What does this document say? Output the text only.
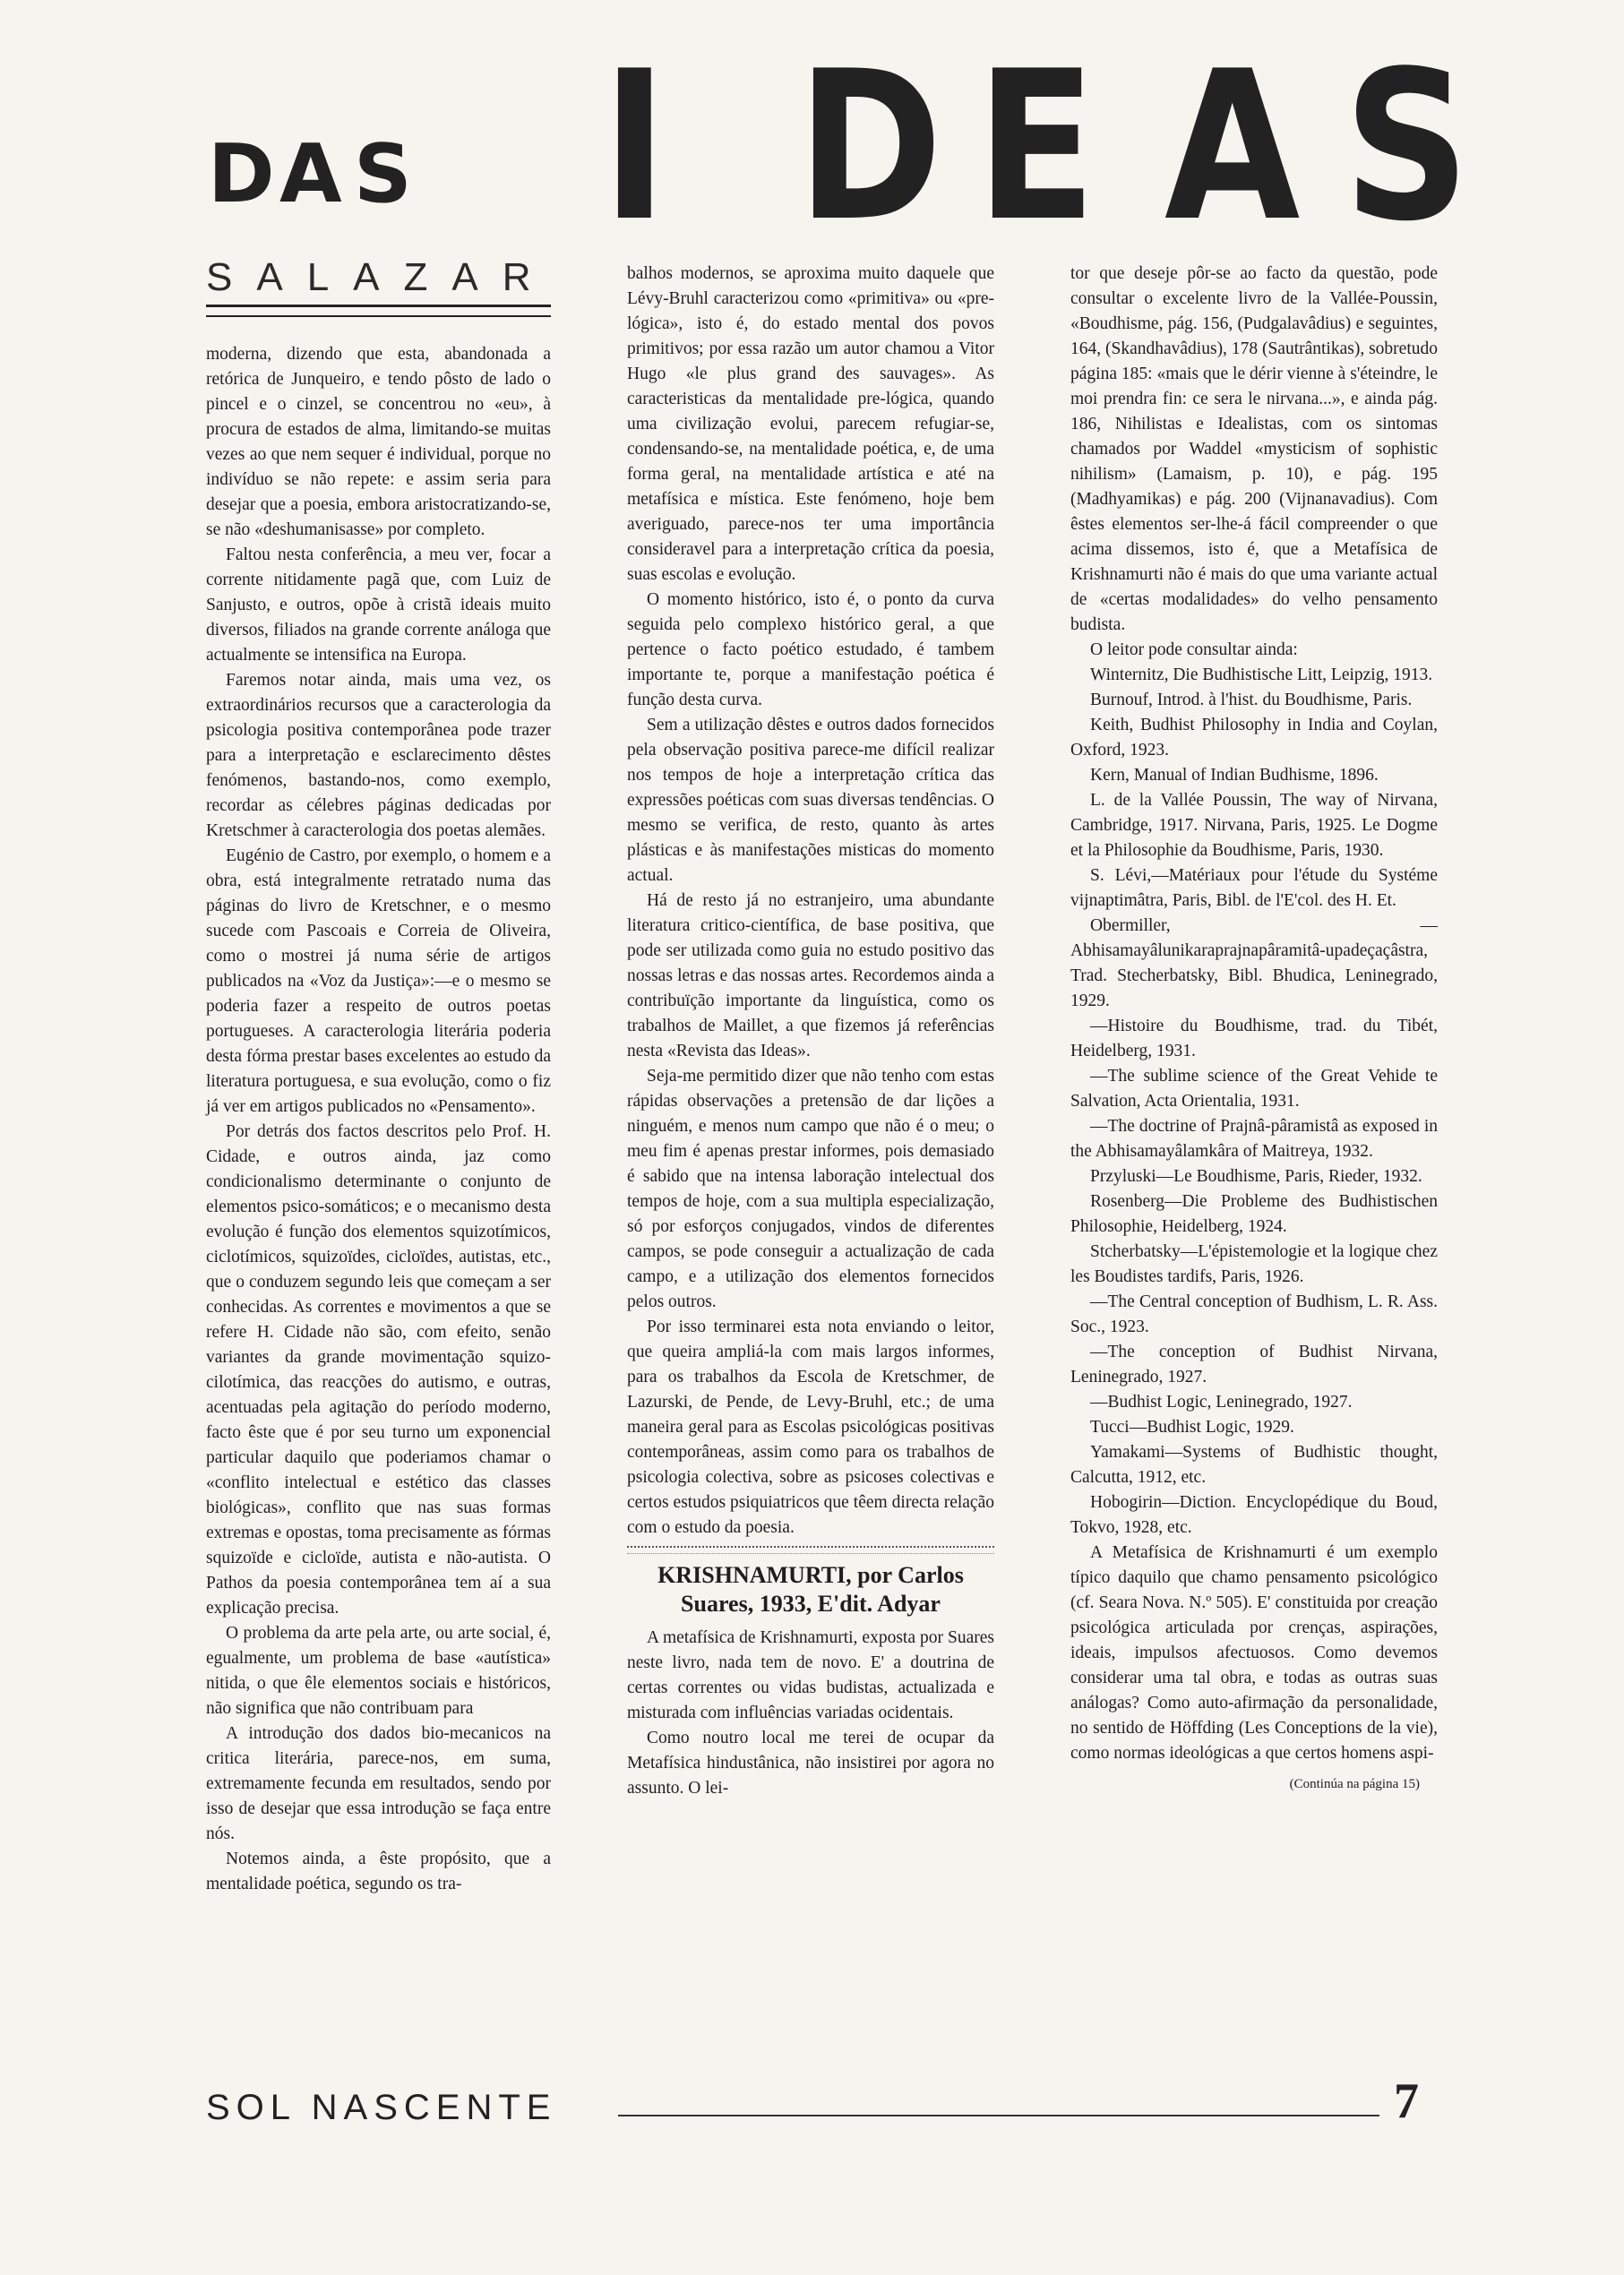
D A S I D E A S
SALAZAR

moderna, dizendo que esta, abandonada a retórica de Junqueiro, e tendo pôsto de lado o pincel e o cinzel, se concentrou no «eu», à procura de estados de alma, limitando-se muitas vezes ao que nem sequer é individual, porque no indivíduo se não repete: e assim seria para desejar que a poesia, embora aristocratizando-se, se não «deshumanisasse» por completo.

Faltou nesta conferência, a meu ver, focar a corrente nitidamente pagã que, com Luiz de Sanjusto, e outros, opõe à cristã ideais muito diversos, filiados na grande corrente análoga que actualmente se intensifica na Europa.

Faremos notar ainda, mais uma vez, os extraordinários recursos que a caracterologia da psicologia positiva contemporânea pode trazer para a interpretação e esclarecimento dêstes fenómenos, bastando-nos, como exemplo, recordar as célebres páginas dedicadas por Kretschmer à caracterologia dos poetas alemães.

Eugénio de Castro, por exemplo, o homem e a obra, está integralmente retratado numa das páginas do livro de Kretschner, e o mesmo sucede com Pascoais e Correia de Oliveira, como o mostrei já numa série de artigos publicados na «Voz da Justiça»:—e o mesmo se poderia fazer a respeito de outros poetas portugueses. A caracterologia literária poderia desta fórma prestar bases excelentes ao estudo da literatura portuguesa, e sua evolução, como o fiz já ver em artigos publicados no «Pensamento».

Por detrás dos factos descritos pelo Prof. H. Cidade, e outros ainda, jaz como condicionalismo determinante o conjunto de elementos psico-somáticos; e o mecanismo desta evolução é função dos elementos squizotímicos, ciclotímicos, squizoïdes, cicloïdes, autistas, etc., que o conduzem segundo leis que começam a ser conhecidas. As correntes e movimentos a que se refere H. Cidade não são, com efeito, senão variantes da grande movimentação squizo-cilotímica, das reacções do autismo, e outras, acentuadas pela agitação do período moderno, facto êste que é por seu turno um exponencial particular daquilo que poderiamos chamar o «conflito intelectual e estético das classes biológicas», conflito que nas suas formas extremas e opostas, toma precisamente as fórmas squizoïde e cicloïde, autista e não-autista. O Pathos da poesia contemporânea tem aí a sua explicação precisa.

O problema da arte pela arte, ou arte social, é, egualmente, um problema de base «autística» nitida, o que êle elementos sociais e históricos, não significa que não contribuam para

A introdução dos dados bio-mecanicos na critica literária, parece-nos, em suma, extremamente fecunda em resultados, sendo por isso de desejar que essa introdução se faça entre nós.

Notemos ainda, a êste propósito, que a mentalidade poética, segundo os tra-

balhos modernos, se aproxima muito daquele que Lévy-Bruhl caracterizou como «primitiva» ou «pre-lógica», isto é, do estado mental dos povos primitivos; por essa razão um autor chamou a Vitor Hugo «le plus grand des sauvages». As caracteristicas da mentalidade pre-lógica, quando uma civilização evolui, parecem refugiar-se, condensando-se, na mentalidade poética, e, de uma forma geral, na mentalidade artística e até na metafísica e mística. Este fenómeno, hoje bem averiguado, parece-nos ter uma importância consideravel para a interpretação crítica da poesia, suas escolas e evolução.

O momento histórico, isto é, o ponto da curva seguida pelo complexo histórico geral, a que pertence o facto poético estudado, é tambem importante te, porque a manifestação poética é função desta curva.

Sem a utilização dêstes e outros dados fornecidos pela observação positiva parece-me difícil realizar nos tempos de hoje a interpretação crítica das expressões poéticas com suas diversas tendências. O mesmo se verifica, de resto, quanto às artes plásticas e às manifestações misticas do momento actual.

Há de resto já no estranjeiro, uma abundante literatura critico-científica, de base positiva, que pode ser utilizada como guia no estudo positivo das nossas letras e das nossas artes. Recordemos ainda a contribuïção importante da linguística, como os trabalhos de Maillet, a que fizemos já referências nesta «Revista das Ideas».

Seja-me permitido dizer que não tenho com estas rápidas observações a pretensão de dar lições a ninguém, e menos num campo que não é o meu; o meu fim é apenas prestar informes, pois demasiado é sabido que na intensa laboração intelectual dos tempos de hoje, com a sua multipla especialização, só por esforços conjugados, vindos de diferentes campos, se pode conseguir a actualização de cada campo, e a utilização dos elementos fornecidos pelos outros.

Por isso terminarei esta nota enviando o leitor, que queira ampliá-la com mais largos informes, para os trabalhos da Escola de Kretschmer, de Lazurski, de Pende, de Levy-Bruhl, etc.; de uma maneira geral para as Escolas psicológicas positivas contemporâneas, assim como para os trabalhos de psicologia colectiva, sobre as psicoses colectivas e certos estudos psiquiatricos que têem directa relação com o estudo da poesia.

KRISHNAMURTI, por Carlos Suares, 1933, E'dit. Adyar

A metafísica de Krishnamurti, exposta por Suares neste livro, nada tem de novo. E' a doutrina de certas correntes ou vidas budistas, actualizada e misturada com influências variadas ocidentais.

Como noutro local me terei de ocupar da Metafísica hindustânica, não insistirei por agora no assunto. O lei-

tor que deseje pôr-se ao facto da questão, pode consultar o excelente livro de la Vallée-Poussin, «Boudhisme, pág. 156, (Pudgalavâdius) e seguintes, 164, (Skandhavâdius), 178 (Sautrântikas), sobretudo página 185: «mais que le dérir vienne à s'éteindre, le moi prendra fin: ce sera le nirvana...», e ainda pág. 186, Nihilistas e Idealistas, com os sintomas chamados por Waddel «mysticism of sophistic nihilism» (Lamaism, p. 10), e pág. 195 (Madhyamikas) e pág. 200 (Vijnanavadius). Com êstes elementos ser-lhe-á fácil compreender o que acima dissemos, isto é, que a Metafísica de Krishnamurti não é mais do que uma variante actual de «certas modalidades» do velho pensamento budista.

O leitor pode consultar ainda:

Winternitz, Die Budhistische Litt, Leipzig, 1913.

Burnouf, Introd. à l'hist. du Boudhisme, Paris.

Keith, Budhist Philosophy in India and Coylan, Oxford, 1923.

Kern, Manual of Indian Budhisme, 1896.

L. de la Vallée Poussin, The way of Nirvana, Cambridge, 1917. Nirvana, Paris, 1925. Le Dogme et la Philosophie da Boudhisme, Paris, 1930.

S. Lévi,—Matériaux pour l'étude du Systéme vijnaptimâtra, Paris, Bibl. de l'E'col. des H. Et.

Obermiller, — Abhisamayâlunikaraprajnapâramitâ-upadeçaçâstra, Trad. Stecherbatsky, Bibl. Bhudica, Leninegrado, 1929.

—Histoire du Boudhisme, trad. du Tibét, Heidelberg, 1931.

—The sublime science of the Great Vehide te Salvation, Acta Orientalia, 1931.

—The doctrine of Prajnâ-pâramistâ as exposed in the Abhisamayâlamkâra of Maitreya, 1932.

Przyluski—Le Boudhisme, Paris, Rieder, 1932.

Rosenberg—Die Probleme des Budhistischen Philosophie, Heidelberg, 1924.

Stcherbatsky—L'épistemologie et la logique chez les Boudistes tardifs, Paris, 1926.

—The Central conception of Budhism, L. R. Ass. Soc., 1923.

—The conception of Budhist Nirvana, Leninegrado, 1927.

—Budhist Logic, Leninegrado, 1927.

Tucci—Budhist Logic, 1929.

Yamakami—Systems of Budhistic thought, Calcutta, 1912, etc.

Hobogirin—Diction. Encyclopédique du Boud, Tokvo, 1928, etc.

A Metafísica de Krishnamurti é um exemplo típico daquilo que chamo pensamento psicológico (cf. Seara Nova. N.º 505). E' constituida por creação psicológica articulada por crenças, aspirações, ideais, impulsos afectuosos. Como devemos considerar uma tal obra, e todas as outras suas análogas? Como auto-afirmação da personalidade, no sentido de Höffding (Les Conceptions de la vie), como normas ideológicas a que certos homens aspi-

(Continúa na página 15)
SOL NASCENTE	7
